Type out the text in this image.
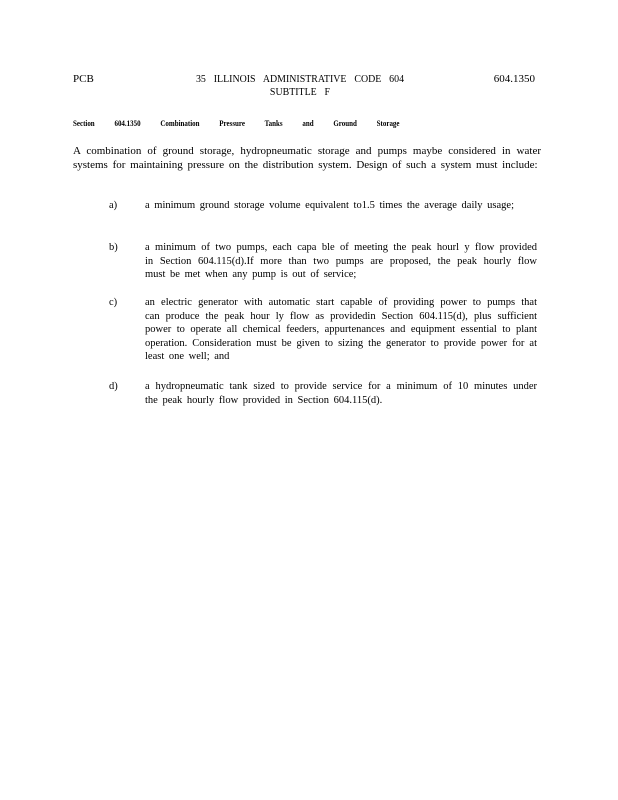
PCB	35 ILLINOIS ADMINISTRATIVE CODE 604
SUBTITLE F
604.1350
Section 604.1350 Combination Pressure Tanks and Ground Storage
A combination of ground storage, hydropneumatic storage and pumps maybe considered in water systems for maintaining pressure on the distribution system. Design of such a system must include:
a)	a minimum ground storage volume equivalent to1.5 times the average daily usage;
b)	a minimum of two pumps, each capa ble of meeting the peak hourl y flow provided in Section 604.115(d).If more than two pumps are proposed, the peak hourly flow must be met when any pump is out of service;
c)	an electric generator with automatic start capable of providing power to pumps that can produce the peak hour ly flow as providedin Section 604.115(d), plus sufficient power to operate all chemical feeders, appurtenances and equipment essential to plant operation. Consideration must be given to sizing the generator to provide power for at least one well; and
d)	a hydropneumatic tank sized to provide service for a minimum of 10 minutes under the peak hourly flow provided in Section 604.115(d).
